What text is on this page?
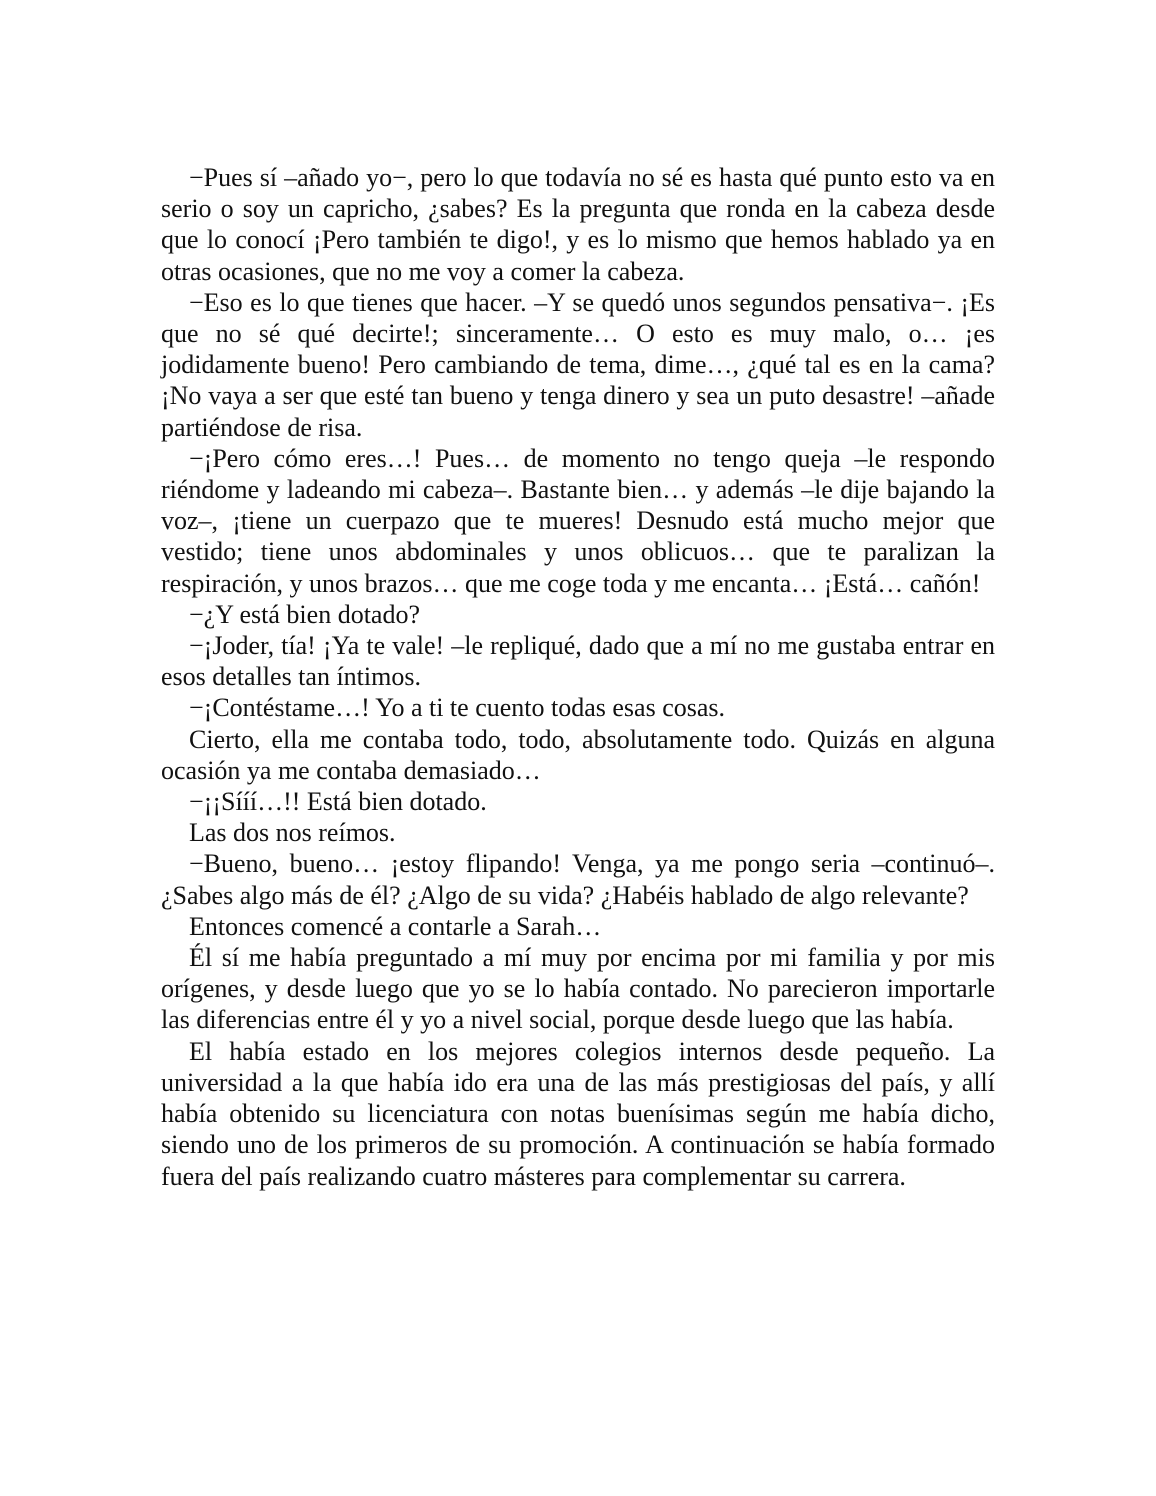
−Pues sí –añado yo−, pero lo que todavía no sé es hasta qué punto esto va en serio o soy un capricho, ¿sabes? Es la pregunta que ronda en la cabeza desde que lo conocí ¡Pero también te digo!, y es lo mismo que hemos hablado ya en otras ocasiones, que no me voy a comer la cabeza.

−Eso es lo que tienes que hacer. –Y se quedó unos segundos pensativa−. ¡Es que no sé qué decirte!; sinceramente… O esto es muy malo, o… ¡es jodidamente bueno! Pero cambiando de tema, dime…, ¿qué tal es en la cama? ¡No vaya a ser que esté tan bueno y tenga dinero y sea un puto desastre! –añade partiéndose de risa.

−¡Pero cómo eres…! Pues… de momento no tengo queja –le respondo riéndome y ladeando mi cabeza–. Bastante bien… y además –le dije bajando la voz–, ¡tiene un cuerpazo que te mueres! Desnudo está mucho mejor que vestido; tiene unos abdominales y unos oblicuos… que te paralizan la respiración, y unos brazos… que me coge toda y me encanta… ¡Está… cañón!

−¿Y está bien dotado?

−¡Joder, tía! ¡Ya te vale! –le repliqué, dado que a mí no me gustaba entrar en esos detalles tan íntimos.

−¡Contéstame…! Yo a ti te cuento todas esas cosas.

Cierto, ella me contaba todo, todo, absolutamente todo. Quizás en alguna ocasión ya me contaba demasiado…

−¡¡Sííí…!! Está bien dotado.

Las dos nos reímos.

−Bueno, bueno… ¡estoy flipando! Venga, ya me pongo seria –continuó–. ¿Sabes algo más de él? ¿Algo de su vida? ¿Habéis hablado de algo relevante?

Entonces comencé a contarle a Sarah…

Él sí me había preguntado a mí muy por encima por mi familia y por mis orígenes, y desde luego que yo se lo había contado. No parecieron importarle las diferencias entre él y yo a nivel social, porque desde luego que las había.

El había estado en los mejores colegios internos desde pequeño. La universidad a la que había ido era una de las más prestigiosas del país, y allí había obtenido su licenciatura con notas buenísimas según me había dicho, siendo uno de los primeros de su promoción. A continuación se había formado fuera del país realizando cuatro másteres para complementar su carrera.
